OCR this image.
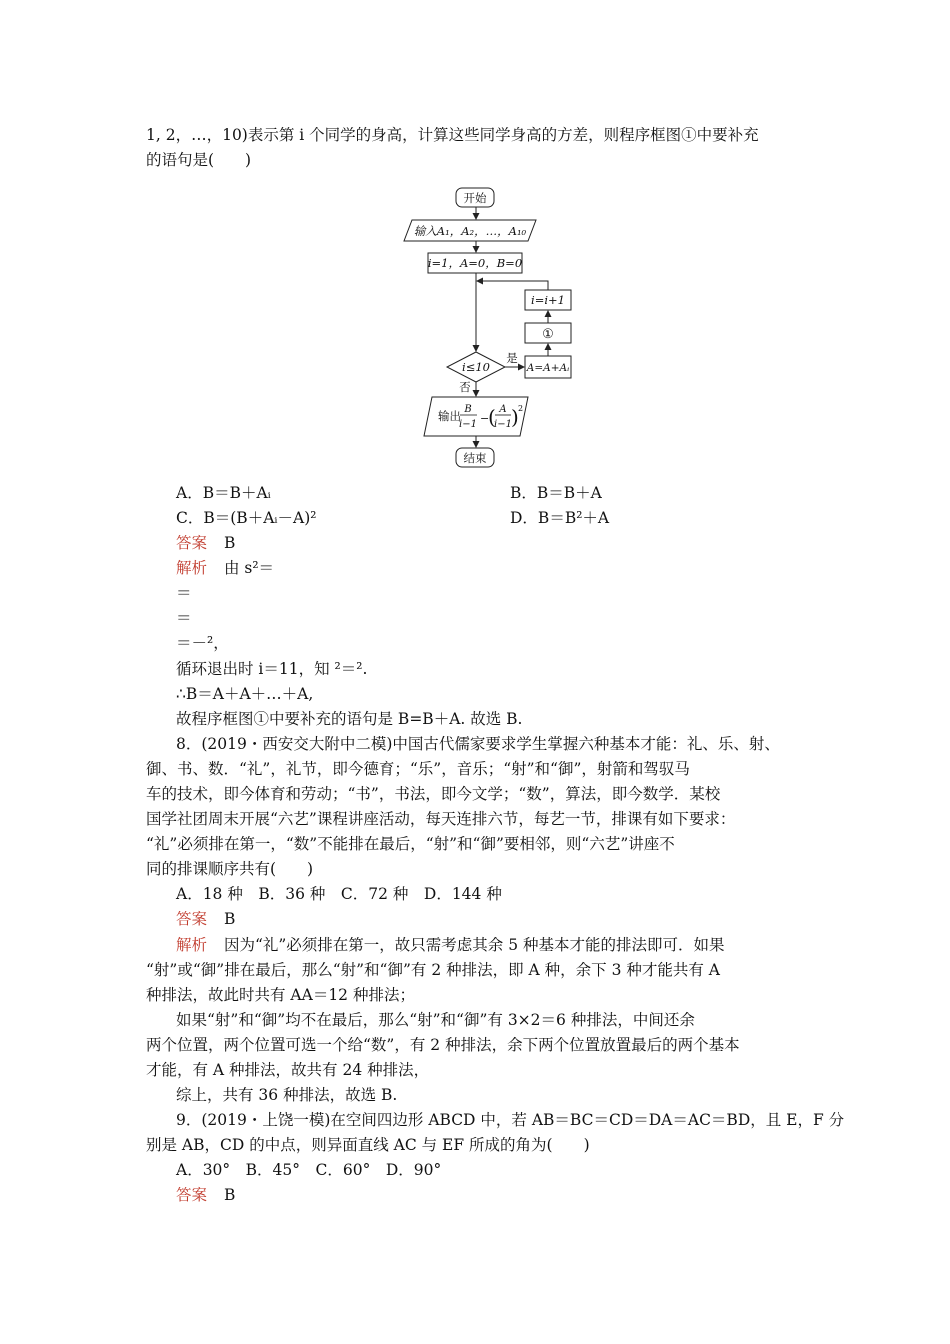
1, 2，…，10)表示第 i 个同学的身高，计算这些同学身高的方差，则程序框图①中要补充
的语句是(　　)
开始
输入A₁，A₂，…，A₁₀
i=1，A=0，B=0
i=i+1
①
A=A+Aᵢ
i≤10
是
否
输出 B
i−1 −
( A
i−1 ) 2
结束
A．B＝B＋Aᵢ	B．B＝B＋A
C．B＝(B＋Aᵢ－A)²	D．B＝B²＋A
答案 B
解析 由 s²＝
＝
＝
＝－²，
循环退出时 i＝11，知 ²＝².
∴B＝A＋A＋…＋A,
故程序框图①中要补充的语句是 B=B＋A. 故选 B.
8．(2019・西安交大附中二模)中国古代儒家要求学生掌握六种基本才能：礼、乐、射、
御、书、数．“礼”，礼节，即今德育；“乐”，音乐；“射”和“御”，射箭和驾驭马
车的技术，即今体育和劳动；“书”，书法，即今文学；“数”，算法，即今数学．某校
国学社团周末开展“六艺”课程讲座活动，每天连排六节，每艺一节，排课有如下要求：
“礼”必须排在第一，“数”不能排在最后，“射”和“御”要相邻，则“六艺”讲座不
同的排课顺序共有(　　)
A．18 种　B．36 种　C．72 种　D．144 种
答案 B
解析 因为“礼”必须排在第一，故只需考虑其余 5 种基本才能的排法即可．如果
“射”或“御”排在最后，那么“射”和“御”有 2 种排法，即 A 种，余下 3 种才能共有 A
种排法，故此时共有 AA＝12 种排法；
如果“射”和“御”均不在最后，那么“射”和“御”有 3×2＝6 种排法，中间还余
两个位置，两个位置可选一个给“数”，有 2 种排法，余下两个位置放置最后的两个基本
才能，有 A 种排法，故共有 24 种排法，
综上，共有 36 种排法，故选 B.
9．(2019・上饶一模)在空间四边形 ABCD 中，若 AB＝BC＝CD＝DA＝AC＝BD，且 E，F 分
别是 AB，CD 的中点，则异面直线 AC 与 EF 所成的角为(　　)
A．30°　B．45°　C．60°　D．90°
答案 B
